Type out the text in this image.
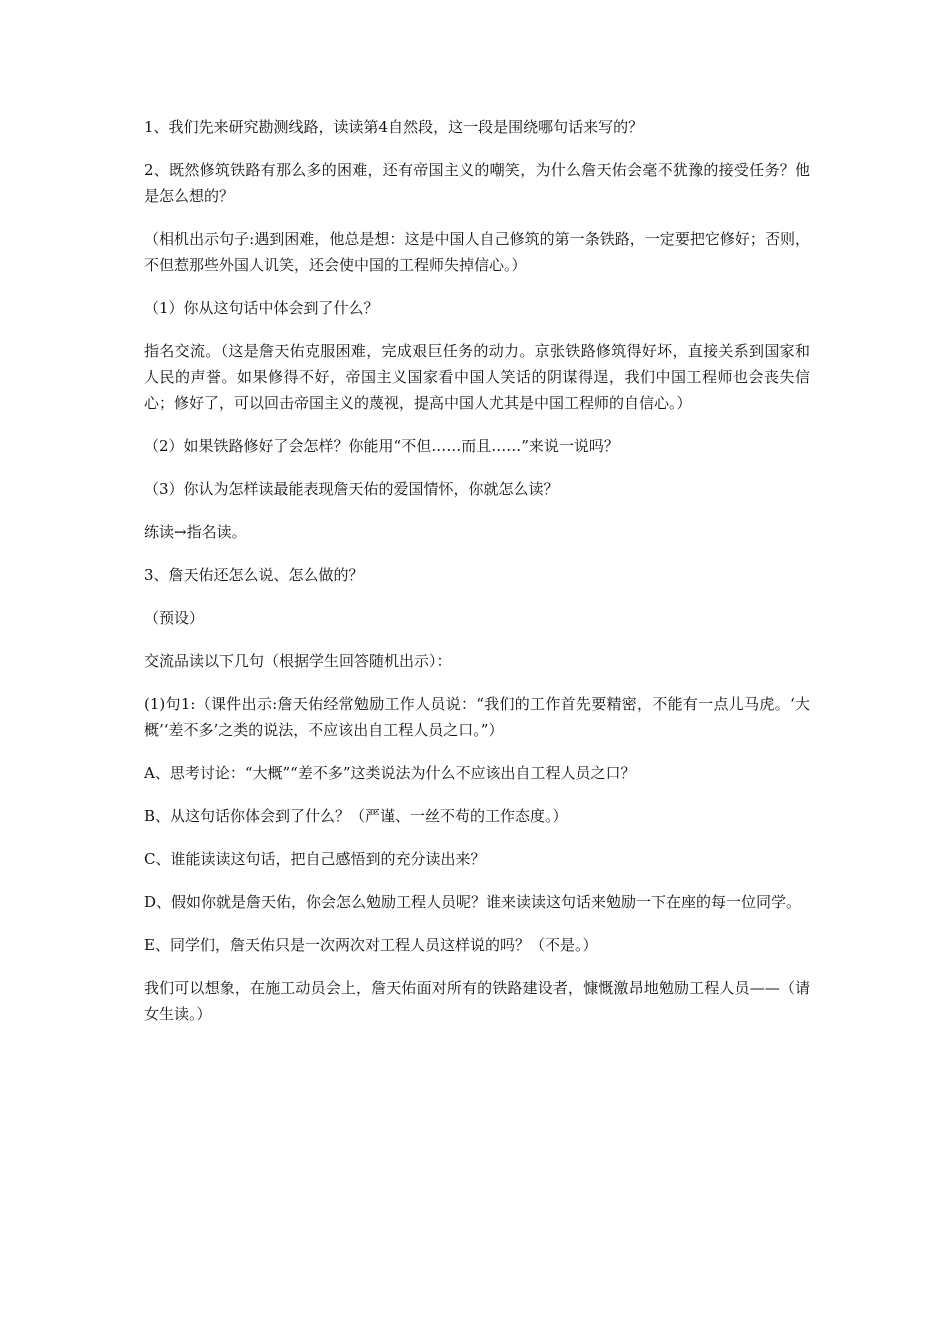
1、我们先来研究勘测线路，读读第4自然段，这一段是围绕哪句话来写的？

2、既然修筑铁路有那么多的困难，还有帝国主义的嘲笑，为什么詹天佑会毫不犹豫的接受任务？他是怎么想的？

（相机出示句子:遇到困难，他总是想：这是中国人自己修筑的第一条铁路，一定要把它修好；否则，不但惹那些外国人讥笑，还会使中国的工程师失掉信心。）

（1）你从这句话中体会到了什么？

指名交流。（这是詹天佑克服困难，完成艰巨任务的动力。京张铁路修筑得好坏，直接关系到国家和人民的声誉。如果修得不好，帝国主义国家看中国人笑话的阴谋得逞，我们中国工程师也会丧失信心；修好了，可以回击帝国主义的蔑视，提高中国人尤其是中国工程师的自信心。）

（2）如果铁路修好了会怎样？你能用“不但……而且……”来说一说吗？

（3）你认为怎样读最能表现詹天佑的爱国情怀，你就怎么读？

练读→指名读。

3、詹天佑还怎么说、怎么做的？

（预设）

交流品读以下几句（根据学生回答随机出示）：

(1)句1:（课件出示:詹天佑经常勉励工作人员说：“我们的工作首先要精密，不能有一点儿马虎。‘大概’‘差不多’之类的说法，不应该出自工程人员之口。”）

A、思考讨论：“大概”“差不多”这类说法为什么不应该出自工程人员之口？

B、从这句话你体会到了什么？（严谨、一丝不苟的工作态度。）

C、谁能读读这句话，把自己感悟到的充分读出来？

D、假如你就是詹天佑，你会怎么勉励工程人员呢？谁来读读这句话来勉励一下在座的每一位同学。

E、同学们，詹天佑只是一次两次对工程人员这样说的吗？（不是。）

我们可以想象，在施工动员会上，詹天佑面对所有的铁路建设者，慷慨激昂地勉励工程人员——（请女生读。）
